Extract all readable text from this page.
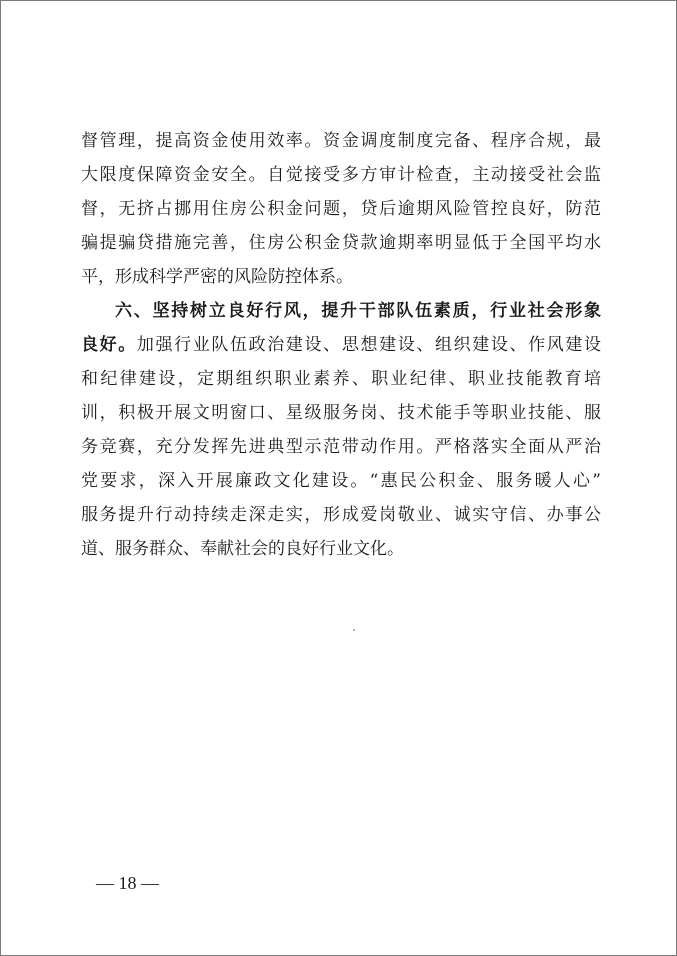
督管理，提高资金使用效率。资金调度制度完备、程序合规，最
大限度保障资金安全。自觉接受多方审计检查，主动接受社会监
督，无挤占挪用住房公积金问题，贷后逾期风险管控良好，防范
骗提骗贷措施完善，住房公积金贷款逾期率明显低于全国平均水
平，形成科学严密的风险防控体系。
六、坚持树立良好行风，提升干部队伍素质，行业社会形象
良好。加强行业队伍政治建设、思想建设、组织建设、作风建设
和纪律建设，定期组织职业素养、职业纪律、职业技能教育培
训，积极开展文明窗口、星级服务岗、技术能手等职业技能、服
务竞赛，充分发挥先进典型示范带动作用。严格落实全面从严治
党要求，深入开展廉政文化建设。“惠民公积金、服务暖人心”
服务提升行动持续走深走实，形成爱岗敬业、诚实守信、办事公
道、服务群众、奉献社会的良好行业文化。
— 18 —
